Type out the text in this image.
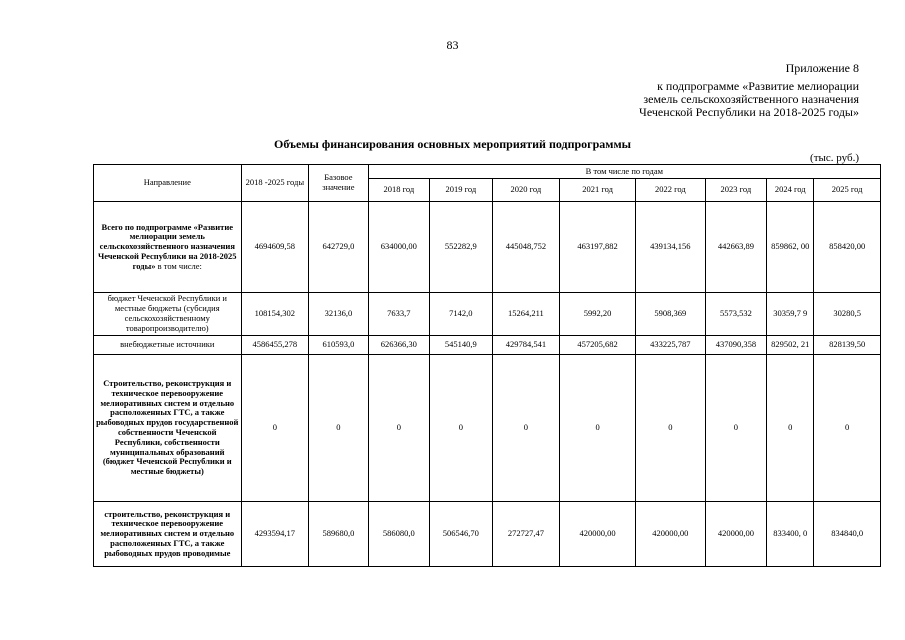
83
Приложение 8
к подпрограмме «Развитие мелиорации
земель сельскохозяйственного назначения
Чеченской Республики на 2018-2025 годы»
Объемы финансирования основных мероприятий подпрограммы
(тыс. руб.)
Направление	2018 -2025 годы	Базовое значение	В том числе по годам							
			2018 год	2019 год	2020 год	2021 год	2022 год	2023 год	2024 год	2025 год
Всего по подпрограмме «Развитие мелиорации земель сельскохозяйственного назначения Чеченской Республики на 2018-2025 годы» в том числе:	4694609,58	642729,0	634000,00	552282,9	445048,752	463197,882	439134,156	442663,89	859862, 00	858420,00
бюджет Чеченской Республики и местные бюджеты (субсидия сельскохозяйственному товаропроизводителю)	108154,302	32136,0	7633,7	7142,0	15264,211	5992,20	5908,369	5573,532	30359,7 9	30280,5
внебюджетные источники	4586455,278	610593,0	626366,30	545140,9	429784,541	457205,682	433225,787	437090,358	829502, 21	828139,50
Строительство, реконструкция и техническое перевооружение мелиоративных систем и отдельно расположенных ГТС, а также рыбоводных прудов государственной собственности Чеченской Республики, собственности муниципальных образований (бюджет Чеченской Республики и местные бюджеты)	0	0	0	0	0	0	0	0	0	0
строительство, реконструкция и техническое перевооружение мелиоративных систем и отдельно расположенных ГТС, а также рыбоводных прудов проводимые	4293594,17	589680,0	586080,0	506546,70	272727,47	420000,00	420000,00	420000,00	833400, 0	834840,0
